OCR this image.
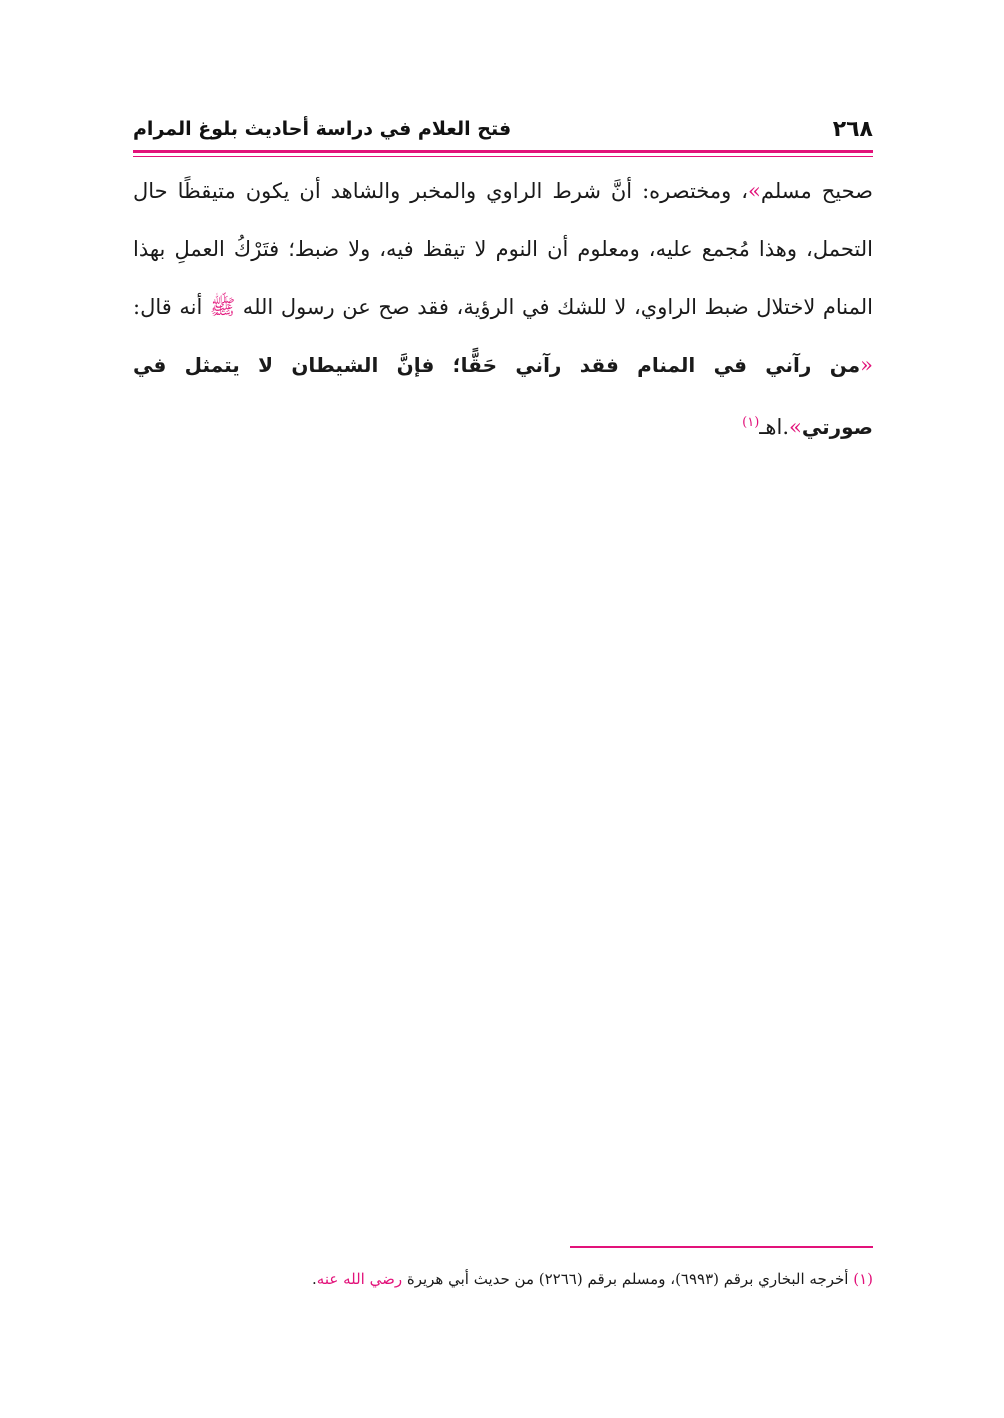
٢٦٨
فتح العلام في دراسة أحاديث بلوغ المرام

صحيح مسلم»، ومختصره: أنَّ شرط الراوي والمخبر والشاهد أن يكون متيقظًا حال التحمل، وهذا مُجمع عليه، ومعلوم أن النوم لا تيقظ فيه، ولا ضبط؛ فتَرْكُ العملِ بهذا المنام لاختلال ضبط الراوي، لا للشك في الرؤية، فقد صح عن رسول الله ﷺ أنه قال: «من رآني في المنام فقد رآني حَقًّا؛ فإنَّ الشيطان لا يتمثل في صورتي».اهـ$^{(١)}$

(١) أخرجه البخاري برقم (٦٩٩٣)، ومسلم برقم (٢٢٦٦) من حديث أبي هريرة رضي الله عنه.
